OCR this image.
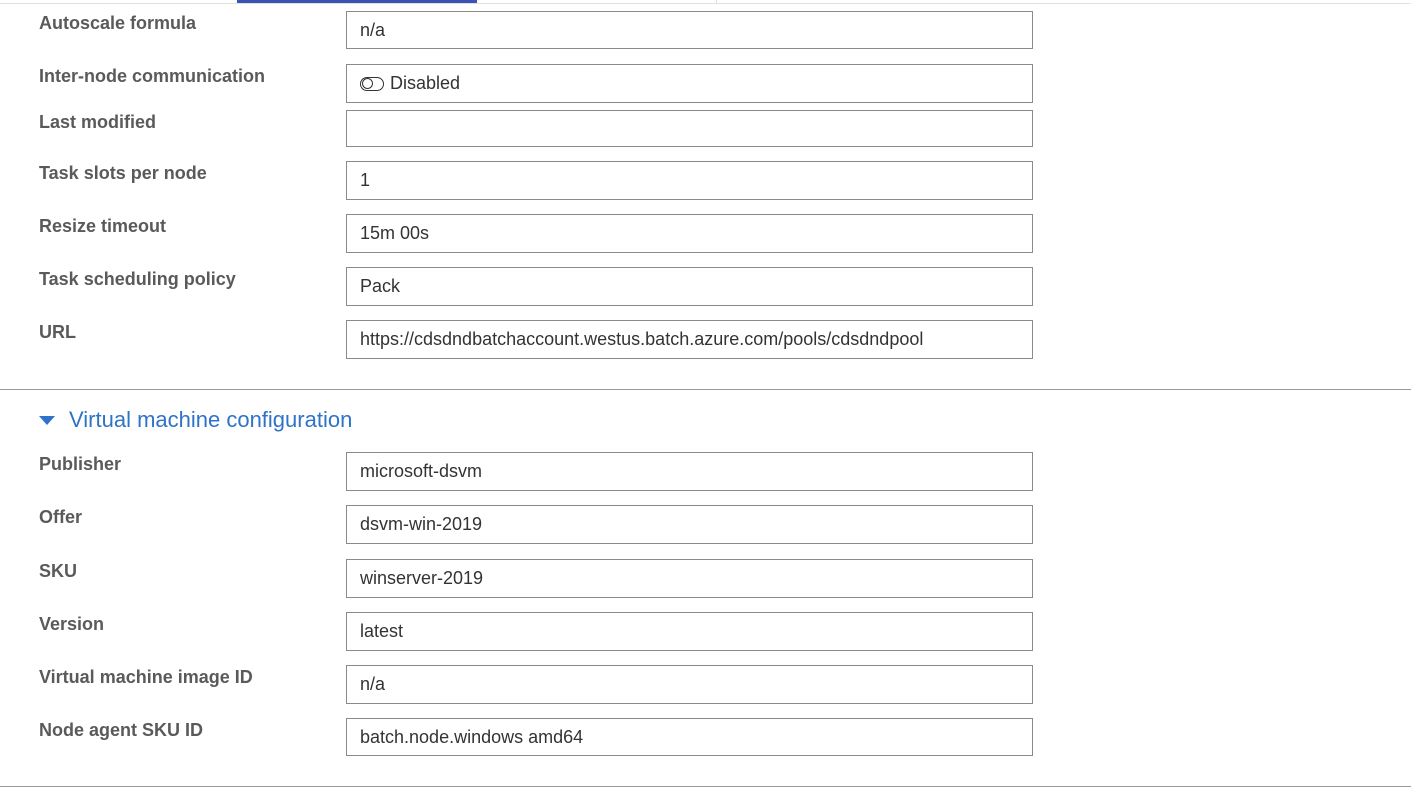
Autoscale formula	n/a
Inter-node communication	Disabled
Last modified
Task slots per node	1
Resize timeout	15m 00s
Task scheduling policy	Pack
URL	https://cdsdndbatchaccount.westus.batch.azure.com/pools/cdsdndpool
Virtual machine configuration
Publisher	microsoft-dsvm
Offer	dsvm-win-2019
SKU	winserver-2019
Version	latest
Virtual machine image ID	n/a
Node agent SKU ID	batch.node.windows amd64
